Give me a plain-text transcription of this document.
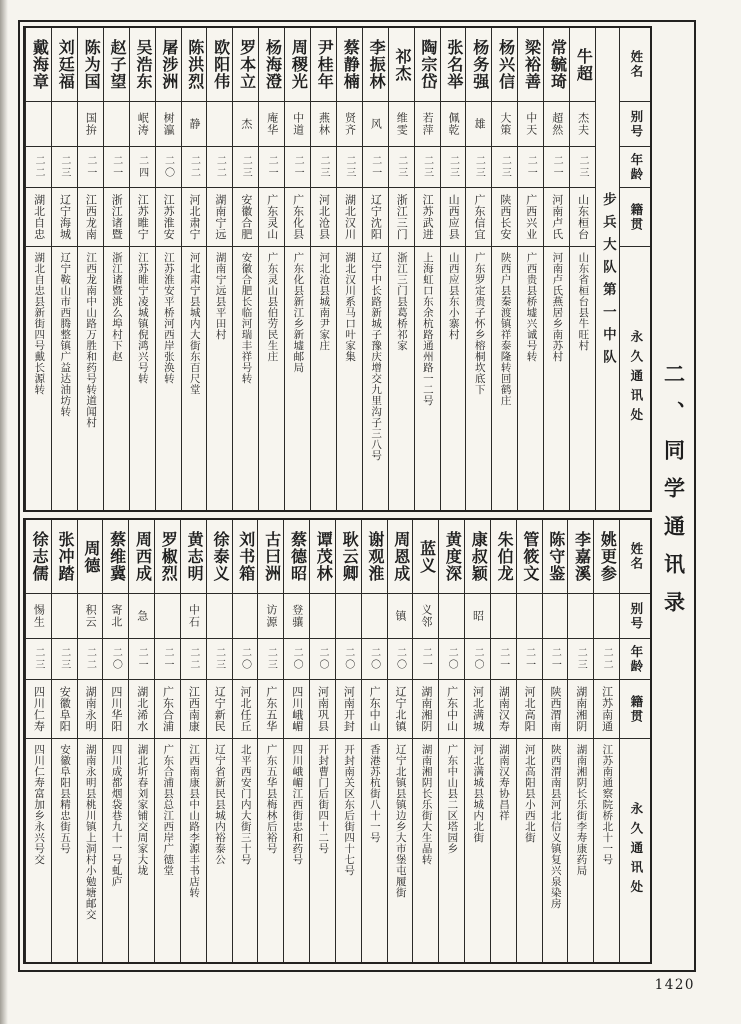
牛超
杰夫
二三
山东桓台
山东省桓台县牛旺村
常毓琦
超然
二一
河南卢氏
河南卢氏燕居乡南苏村
梁裕善
中天
二一
广西兴业
广西贵县桥墟兴诚号转
杨兴信
大策
二三
陕西长安
陕西户县秦渡镇祥泰隆转回鹤庄
杨务强
雄
二三
广东信宜
广东罗定贵子怀乡榕桐坎底下
张名举
佩乾
二三
山西应县
山西应县东小寨村
陶宗岱
若萍
二三
江苏武进
上海虹口东余杭路通州路一二号
祁杰
维雯
二三
浙江三门
浙江三门县葛桥祁家
李振林
风
二一
辽宁沈阳
辽宁中长路新城子豫庆增交九里沟子三八号
蔡静楠
贤齐
二三
湖北汉川
湖北汉川系马口叶家集
尹桂年
燕林
二三
河北沧县
河北沧县城南尹家庄
周稷光
中道
二一
广东化县
广东化县新江乡新墟邮局
杨海澄
庵华
二一
广东灵山
广东灵山县伯劳民生庄
罗本立
杰
二三
安徽合肥
安徽合肥长临河瑞丰祥号转
欧阳伟
二二
湖南宁远
湖南宁远县平田村
陈洪烈
静
二二
河北肃宁
河北肃宁县城内大街东百尺堂
屠涉洲
树瀛
二〇
江苏淮安
江苏淮安平桥河西岸张涣转
吴浩东
岷涛
二四
江苏睢宁
江苏睢宁凌城镇倪鸿兴号转
赵子望
二一
浙江诸暨
浙江诸暨洮么埠村下赵
陈为国
国拚
二一
江西龙南
江西龙南中山路万胜和药号转道闻村
刘廷福
二三
辽宁海城
辽宁鞍山市西腾整镇广益达油坊转
戴海章
二二
湖北自忠
湖北自忠县新街四号戴长源转	步兵大队第一中队
姓名
别号
年龄
籍贯
永久通讯处
姚更参
二二
江苏南通
江苏南通察院桥北十一号
李嘉溪
二三
湖南湘阴
湖南湘阴长乐街李寿康药局
陈守鉴
二一
陕西渭南
陕西渭南县河北信义镇复兴泉染房
管筱文
二一
河北高阳
河北高阳县小西北街
朱伯龙
二一
湖南汉寿
湖南汉寿协昌祥
康叔颖
昭
二〇
河北满城
河北满城县城内北街
黄度深
二〇
广东中山
广东中山县二区塔园乡
蓝义
义邻
二一
湖南湘阴
湖南湘阴长乐街大生晶转
周恩成
镇
二〇
辽宁北镇
辽宁北镇县镇边乡大市堡屯履街
谢观淮
二〇
广东中山
香港苏杭街八十一号
耿云卿
二〇
河南开封
开封南关区东后街四十七号
谭茂林
二〇
河南巩县
开封曹门后街四十二号
蔡德昭
登骧
二〇
四川峨嵋
四川峨嵋江西街忠和药号
古曰洲
访源
二三
广东五华
广东五华县梅林后裕号
刘书箱
二〇
河北任丘
北平西安门内大街三十号
徐泰义
二三
辽宁新民
辽宁省新民县城内裕泰公
黄志明
中石
二二
江西南康
江西南康县中山路李源丰书店转
罗椒烈
二一
广东合浦
广东合浦县总江西岸广德堂
周西成
急
二一
湖北浠水
湖北圻春刘家铺交周家大垅
蔡维冀
寄北
二〇
四川华阳
四川成都烟袋巷九十一号虬庐
周德
积云
二二
湖南永明
湖南永明县桃川镇上洞村小勉塘邮交
张冲踏
二三
安徽阜阳
安徽阜阳县精忠街五号
徐志儒
惕生
二三
四川仁寿
四川仁寿富加乡永兴号交
姓名
别号
年龄
籍贯
永久通讯处
二、同学通讯录
1420
